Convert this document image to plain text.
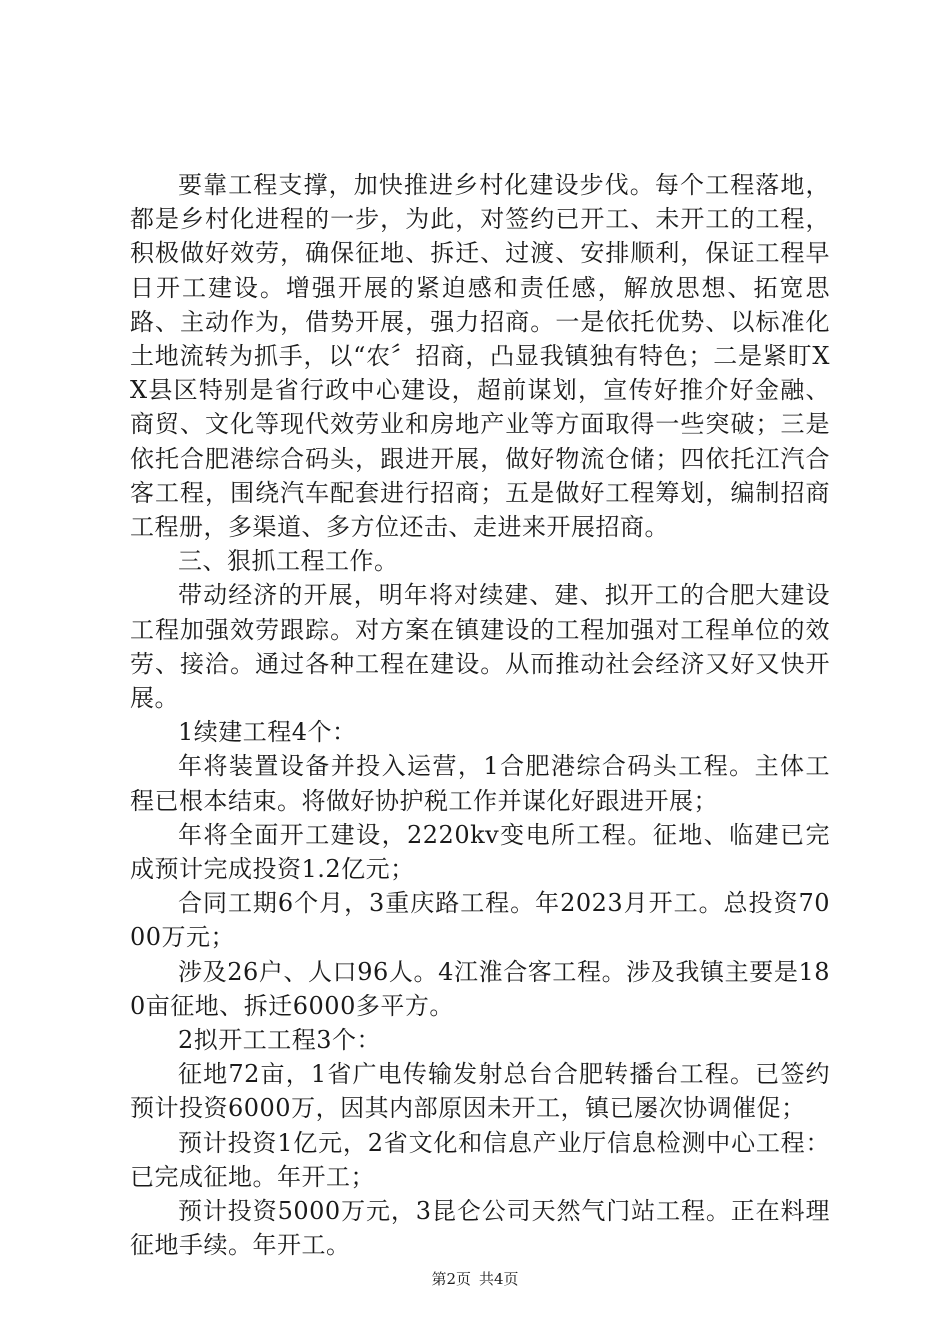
要靠工程支撑，加快推进乡村化建设步伐。每个工程落地，都是乡村化进程的一步，为此，对签约已开工、未开工的工程，积极做好效劳，确保征地、拆迁、过渡、安排顺利，保证工程早日开工建设。增强开展的紧迫感和责任感，解放思想、拓宽思路、主动作为，借势开展，强力招商。一是依托优势、以标准化土地流转为抓手，以“农〞招商，凸显我镇独有特色；二是紧盯XX县区特别是省行政中心建设，超前谋划，宣传好推介好金融、商贸、文化等现代效劳业和房地产业等方面取得一些突破；三是依托合肥港综合码头，跟进开展，做好物流仓储；四依托江汽合客工程，围绕汽车配套进行招商；五是做好工程筹划，编制招商工程册，多渠道、多方位还击、走进来开展招商。

三、狠抓工程工作。

带动经济的开展，明年将对续建、建、拟开工的合肥大建设工程加强效劳跟踪。对方案在镇建设的工程加强对工程单位的效劳、接洽。通过各种工程在建设。从而推动社会经济又好又快开展。

1续建工程4个：

年将装置设备并投入运营，1合肥港综合码头工程。主体工程已根本结束。将做好协护税工作并谋化好跟进开展；

年将全面开工建设，2220kv变电所工程。征地、临建已完成预计完成投资1.2亿元；

合同工期6个月，3重庆路工程。年2023月开工。总投资7000万元；

涉及26户、人口96人。4江淮合客工程。涉及我镇主要是180亩征地、拆迁6000多平方。

2拟开工工程3个：

征地72亩，1省广电传输发射总台合肥转播台工程。已签约预计投资6000万，因其内部原因未开工，镇已屡次协调催促；

预计投资1亿元，2省文化和信息产业厅信息检测中心工程：已完成征地。年开工；

预计投资5000万元，3昆仑公司天然气门站工程。正在料理征地手续。年开工。

第2页 共4页
